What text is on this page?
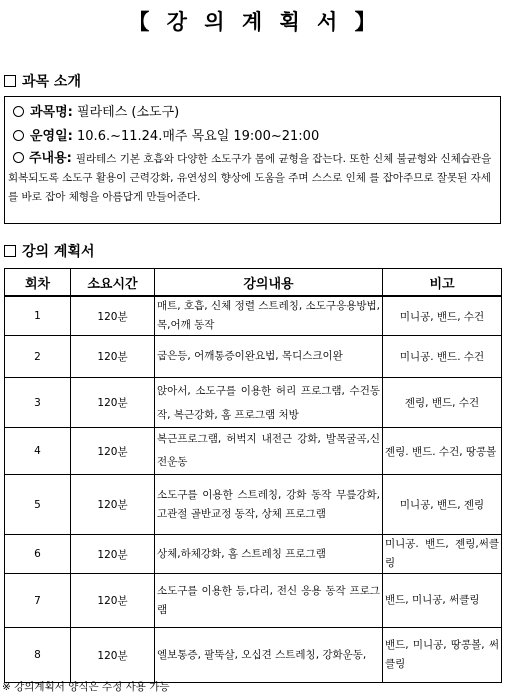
【 강 의 계 획 서 】
과목 소개
과목명: 필라테스 (소도구)
운영일: 10.6.~11.24.매주 목요일 19:00~21:00
주내용: 필라테스 기본 호흡와 다양한 소도구가 몸에 균형을 잡는다. 또한 신체 불균형와 신체습관을 회복되도록 소도구 활용이 근력강화, 유연성의 향상에 도움을 주며 스스로 인체 를 잡아주므로 잘못된 자세를 바로 잡아 체형을 아름답게 만들어준다.
강의 계획서
회차	소요시간	강의내용	비고
1	120분	매트, 호흡, 신체 정렬 스트레칭, 소도구응용방법, 목,어깨 동작	미니공, 밴드, 수건
2	120분	굽은등, 어깨통증이완요법, 목디스크이완	미니공. 밴드. 수건
3	120분	앉아서, 소도구를 이용한 허리 프로그램, 수건동작, 복근강화, 홈 프로그램 처방	젠링, 밴드, 수건
4	120분	복근프로그램, 허벅지 내전근 강화, 발목굴곡,신전운동	젠링. 밴드. 수건, 땅콩볼
5	120분	소도구를 이용한 스트레칭, 강화 동작 무릎강화, 고관절 골반교정 동작, 상체 프로그램	미니공, 밴드, 젠링
6	120분	상체,하체강화, 홈 스트레칭 프로그램	미니공. 밴드, 젠링,써클링
7	120분	소도구를 이용한 등,다리, 전신 응용 동작 프로그램	밴드, 미니공, 써클링
8	120분	엘보통증, 팔뚝살, 오십견 스트레칭, 강화운동,	밴드, 미니공, 땅콩볼, 써클링
※ 강의계획서 양식은 수정 사용 가능
